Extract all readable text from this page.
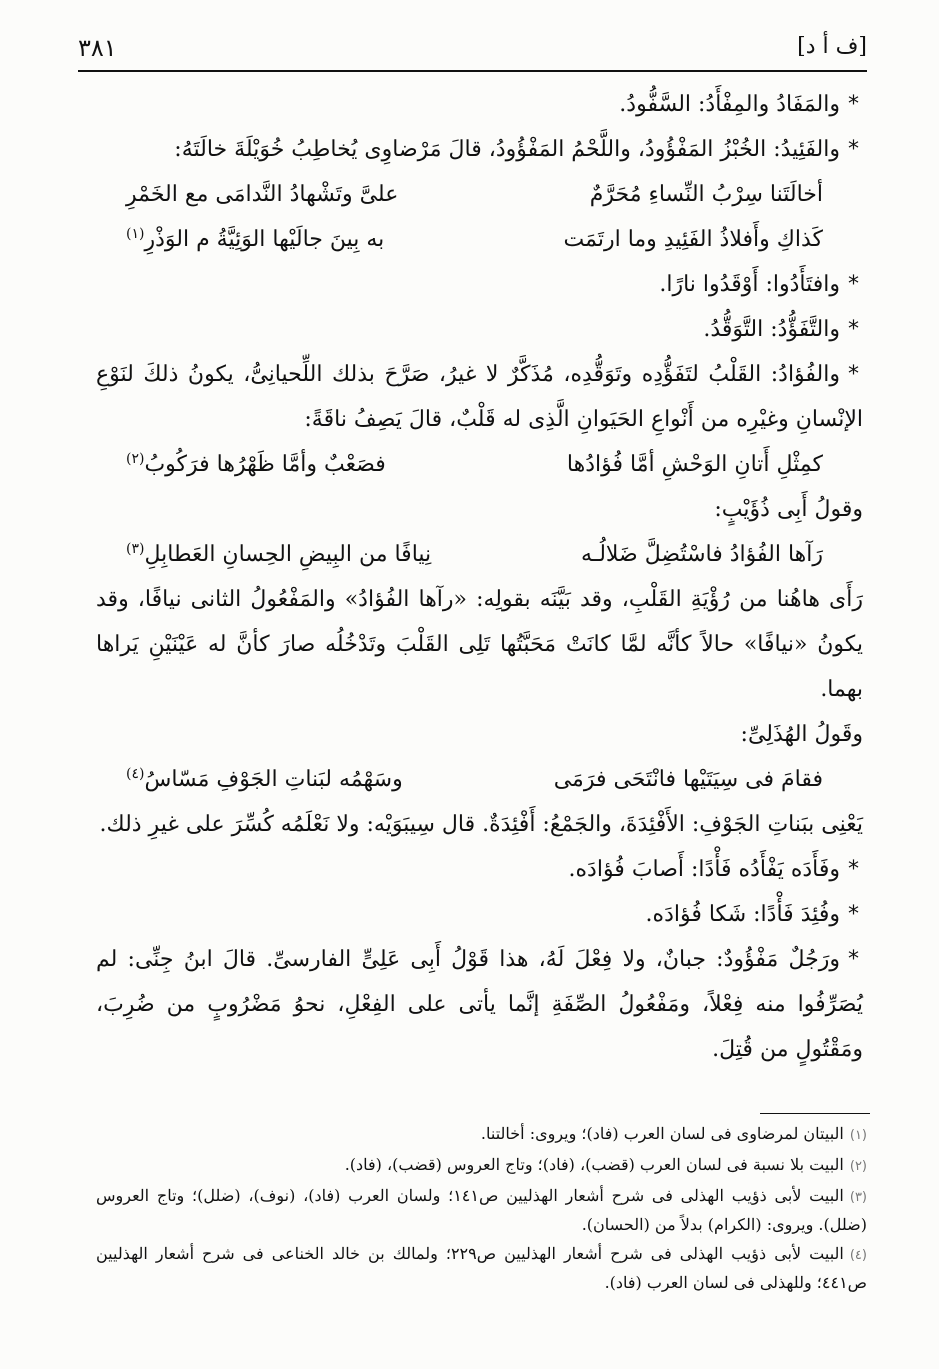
[ف أ د]
٣٨١

*والمَفَادُ والمِفْأَدُ: السَّفُّودُ.

*والفَئِيدُ: الخُبْزُ المَفْؤُودُ، واللَّحْمُ المَفْؤُودُ، قالَ مَرْضاوِى يُخاطِبُ خُوَيْلَةَ خالَتَهُ:

أخالَتَنا سِرْبُ النِّساءِ مُحَرَّمٌ
علىَّ وتَشْهادُ النَّدامَى مع الخَمْرِ
كَذاكِ وأَفلاذُ الفَئِيدِ وما ارتَمَت
به بِينَ جالَيْها الوَئِيَّةُ م الوَذْرِ(١)

*وافتَأَدُوا: أَوْقَدُوا نارًا.

*والتَّفَؤُّدُ: التَّوَقُّدُ.

*والفُؤادُ: القَلْبُ لتَفَؤُّدِه وتَوَقُّدِه، مُذَكَّرٌ لا غيرُ، صَرَّحَ بذلك اللِّحيانِىُّ، يكونُ ذلكَ لنَوْعِ الإنْسانِ وغيْرِه من أَنْواعِ الحَيَوانِ الَّذِى له قَلْبٌ، قالَ يَصِفُ ناقَةً:

كمِثْلِ أَتانِ الوَحْشِ أمَّا فُؤادُها
فصَعْبٌ وأمَّا ظَهْرُها فرَكُوبُ(٢)

وقولُ أَبِى ذُؤَيْبٍ:

رَآها الفُؤادُ فاسْتُضِلَّ ضَلالُـه
نِيافًا من البِيضِ الحِسانِ العَطابِلِ(٣)

رَأَى هاهُنا من رُؤْيَةِ القَلْبِ، وقد بَيَّنَه بقولِه: «رآها الفُؤادُ» والمَفْعُولُ الثانى نيافًا، وقد يكونُ «نيافًا» حالاً كأنَّه لمَّا كانَتْ مَحَبَّتُها تَلِى القَلْبَ وتَدْخُلُه صارَ كأنَّ له عَيْنَيْنِ يَراها بهما.

وقَولُ الهُذَلِىِّ:

فقامَ فى سِيَتَيْها فانْتَحَى فرَمَى
وسَهْمُه لبَناتِ الجَوْفِ مَسّاسُ(٤)

يَعْنِى ببَناتِ الجَوْفِ: الأَفْئِدَةَ، والجَمْعُ: أَفْئِدَةٌ. قال سِيبَوَيْه: ولا نَعْلَمُه كُسِّرَ على غيرِ ذلك.

*وفَأَدَه يَفْأَدُه فَأْدًا: أَصابَ فُؤادَه.

*وفُئِدَ فَأْدًا: شَكا فُؤادَه.

*ورَجُلٌ مَفْؤُودٌ: جبانٌ، ولا فِعْلَ لَهُ، هذا قَوْلُ أَبِى عَلِىٍّ الفارسىِّ. قالَ ابنُ جِنِّى: لم يُصَرِّفُوا منه فِعْلاً، ومَفْعُولُ الصِّفَةِ إنَّما يأتى على الفِعْلِ، نحوُ مَضْرُوبٍ من ضُرِبَ، ومَقْتُولٍ من قُتِلَ.

(١)البيتان لمرضاوى فى لسان العرب (فاد)؛ ويروى: أخالتنا.

(٢)البيت بلا نسبة فى لسان العرب (قضب)، (فاد)؛ وتاج العروس (قضب)، (فاد).

(٣)البيت لأبى ذؤيب الهذلى فى شرح أشعار الهذليين ص١٤١؛ ولسان العرب (فاد)، (نوف)، (ضلل)؛ وتاج العروس (ضلل). ويروى: (الكرام) بدلاً من (الحسان).

(٤)البيت لأبى ذؤيب الهذلى فى شرح أشعار الهذليين ص٢٢٩؛ ولمالك بن خالد الخناعى فى شرح أشعار الهذليين ص٤٤١؛ وللهذلى فى لسان العرب (فاد).
